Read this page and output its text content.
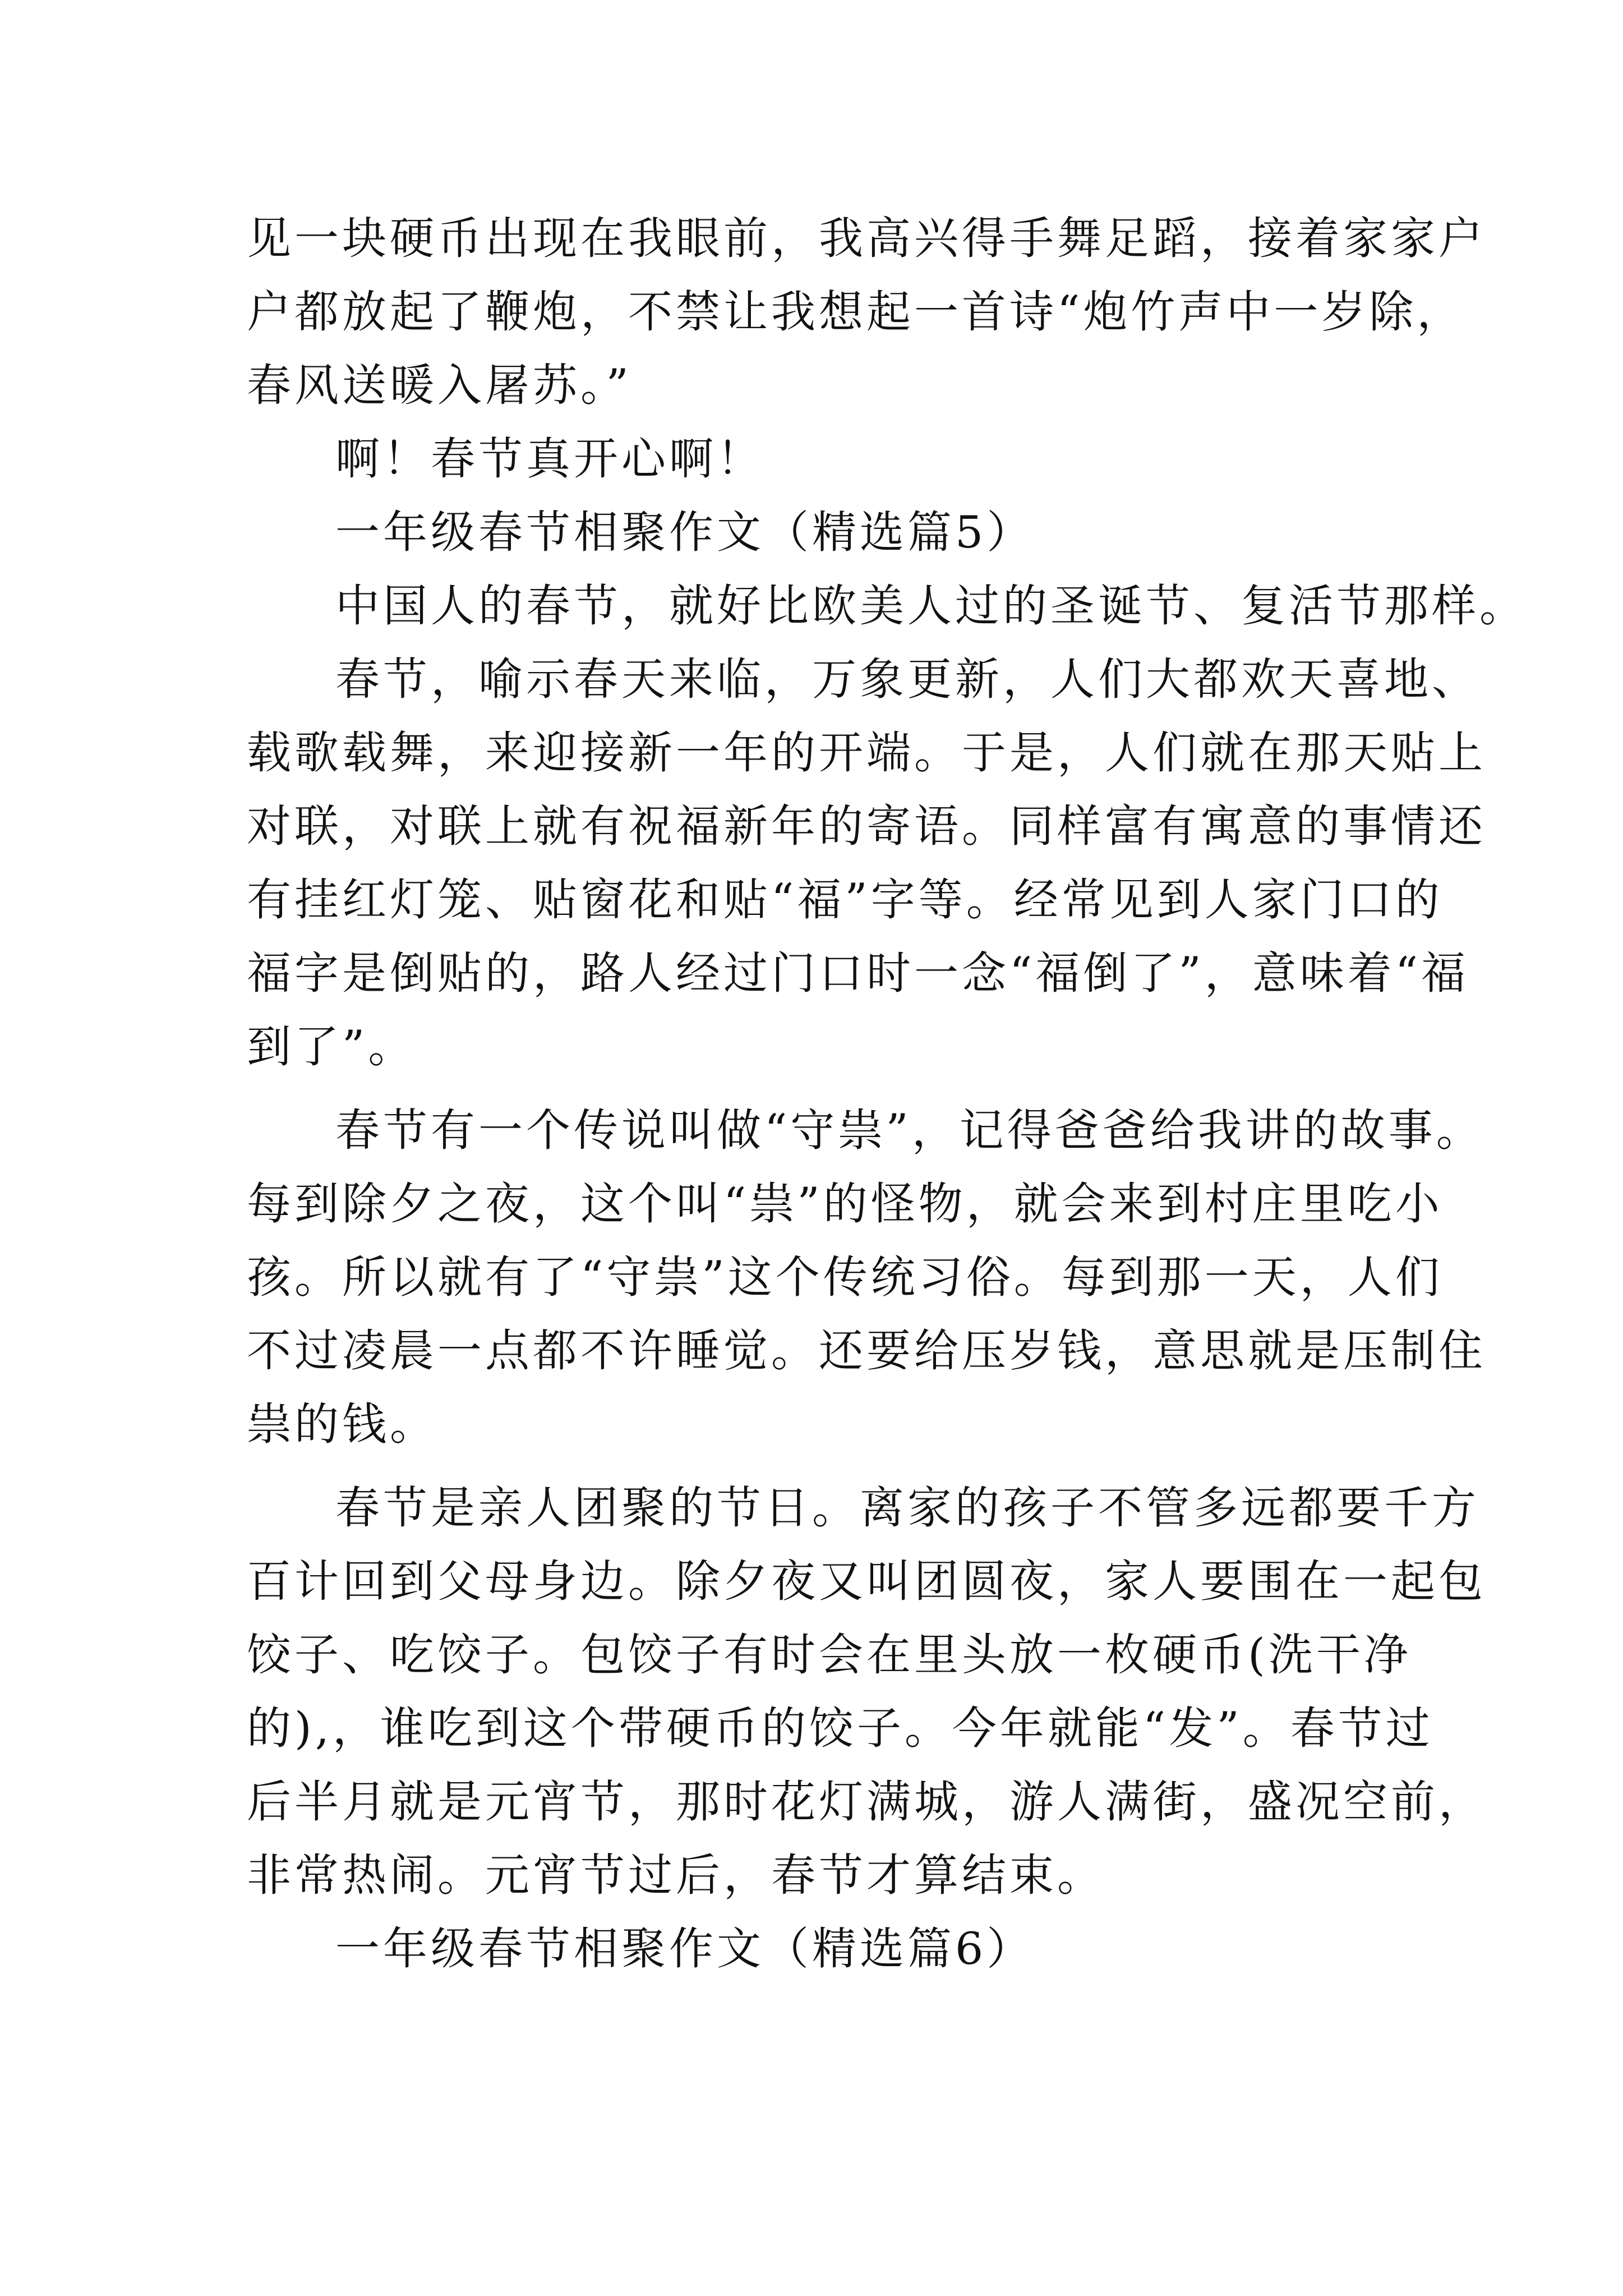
见一块硬币出现在我眼前，我高兴得手舞足蹈，接着家家户
户都放起了鞭炮，不禁让我想起一首诗“炮竹声中一岁除，
春风送暖入屠苏。”
啊！春节真开心啊！
一年级春节相聚作文（精选篇5）
中国人的春节，就好比欧美人过的圣诞节、复活节那样。
春节，喻示春天来临，万象更新，人们大都欢天喜地、
载歌载舞，来迎接新一年的开端。于是，人们就在那天贴上
对联，对联上就有祝福新年的寄语。同样富有寓意的事情还
有挂红灯笼、贴窗花和贴“福”字等。经常见到人家门口的
福字是倒贴的，路人经过门口时一念“福倒了”，意味着“福
到了”。
春节有一个传说叫做“守祟”，记得爸爸给我讲的故事。
每到除夕之夜，这个叫“祟”的怪物，就会来到村庄里吃小
孩。所以就有了“守祟”这个传统习俗。每到那一天，人们
不过凌晨一点都不许睡觉。还要给压岁钱，意思就是压制住
祟的钱。
春节是亲人团聚的节日。离家的孩子不管多远都要千方
百计回到父母身边。除夕夜又叫团圆夜，家人要围在一起包
饺子、吃饺子。包饺子有时会在里头放一枚硬币(洗干净
的),，谁吃到这个带硬币的饺子。今年就能“发”。春节过
后半月就是元宵节，那时花灯满城，游人满街，盛况空前，
非常热闹。元宵节过后，春节才算结束。
一年级春节相聚作文（精选篇6）
